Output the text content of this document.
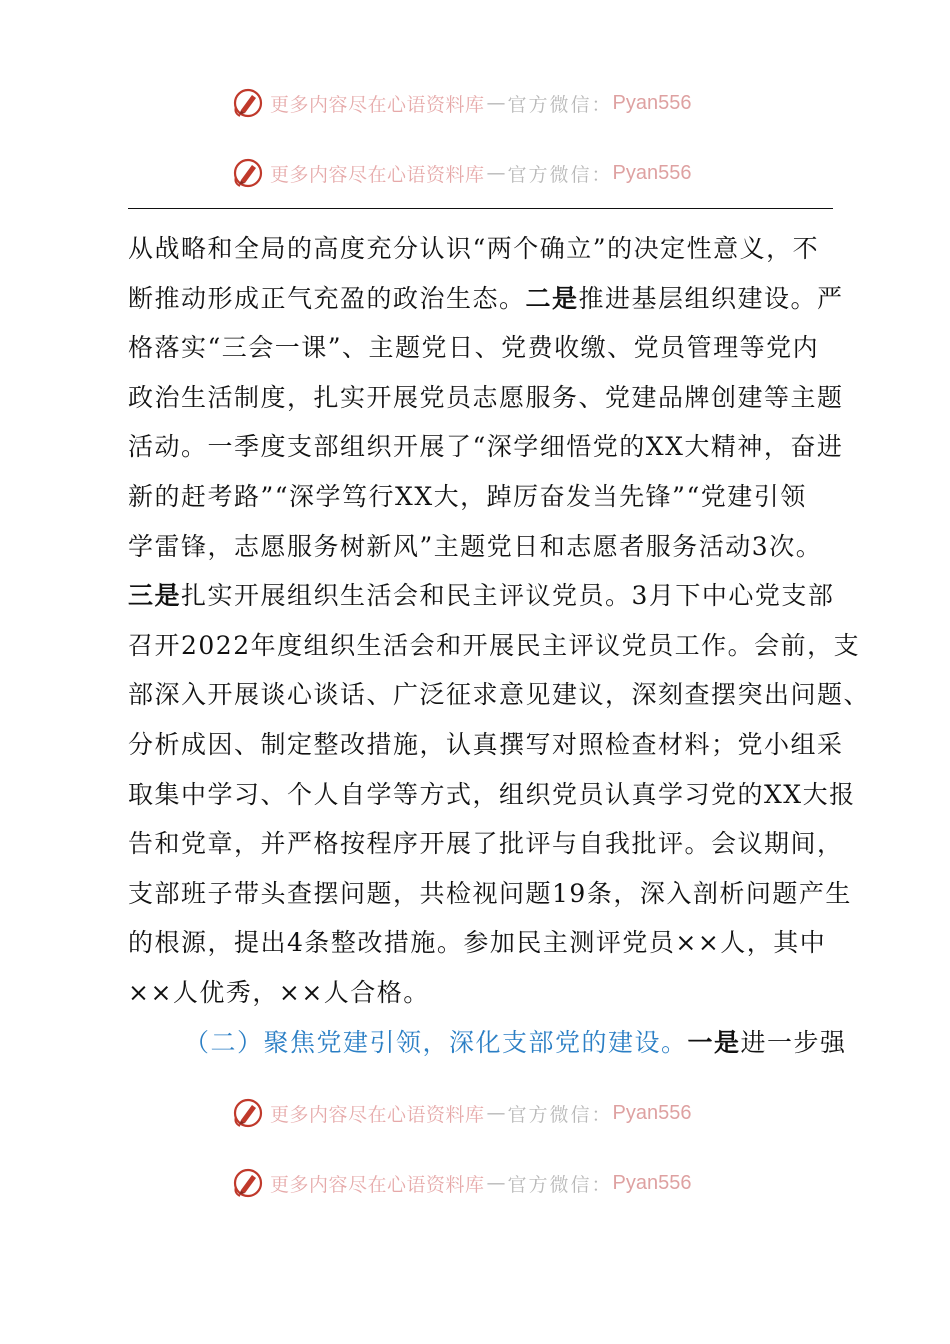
更多内容尽在心语资料库 — 官方微信： Pyan556
更多内容尽在心语资料库 — 官方微信： Pyan556
从战略和全局的高度充分认识“两个确立”的决定性意义，不
断推动形成正气充盈的政治生态。二是推进基层组织建设。严
格落实“三会一课”、主题党日、党费收缴、党员管理等党内
政治生活制度，扎实开展党员志愿服务、党建品牌创建等主题
活动。一季度支部组织开展了“深学细悟党的XX大精神，奋进
新的赶考路”“深学笃行XX大，踔厉奋发当先锋”“党建引领
学雷锋，志愿服务树新风”主题党日和志愿者服务活动3次。
三是扎实开展组织生活会和民主评议党员。3月下中心党支部
召开2022年度组织生活会和开展民主评议党员工作。会前，支
部深入开展谈心谈话、广泛征求意见建议，深刻查摆突出问题、
分析成因、制定整改措施，认真撰写对照检查材料；党小组采
取集中学习、个人自学等方式，组织党员认真学习党的XX大报
告和党章，并严格按程序开展了批评与自我批评。会议期间，
支部班子带头查摆问题，共检视问题19条，深入剖析问题产生
的根源，提出4条整改措施。参加民主测评党员××人，其中
××人优秀，××人合格。
（二）聚焦党建引领，深化支部党的建设。一是进一步强
更多内容尽在心语资料库 — 官方微信： Pyan556
更多内容尽在心语资料库 — 官方微信： Pyan556
